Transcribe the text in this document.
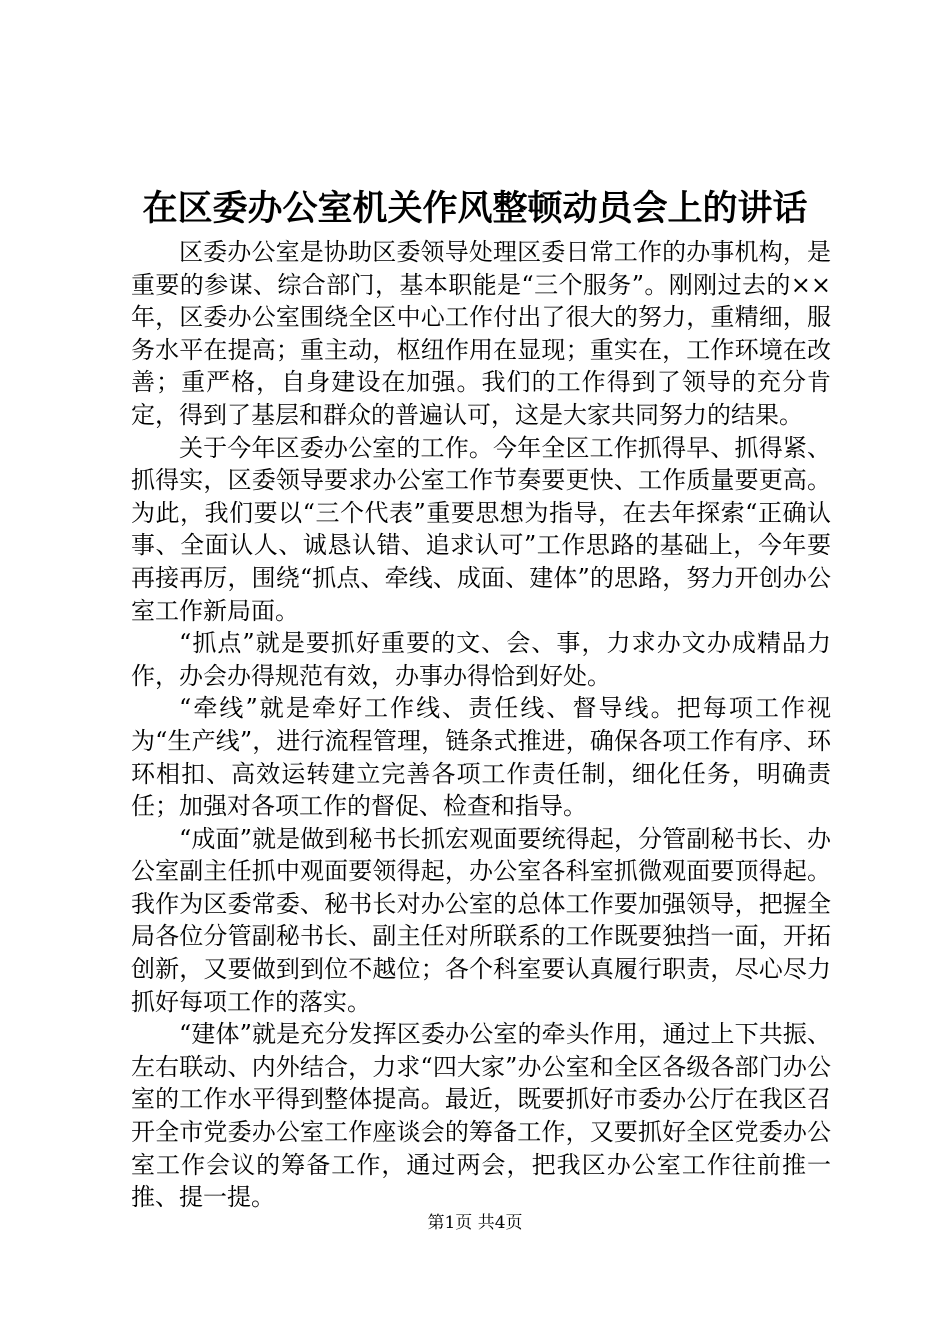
在区委办公室机关作风整顿动员会上的讲话

区委办公室是协助区委领导处理区委日常工作的办事机构，是重要的参谋、综合部门，基本职能是“三个服务”。刚刚过去的××年，区委办公室围绕全区中心工作付出了很大的努力，重精细，服务水平在提高；重主动，枢纽作用在显现；重实在，工作环境在改善；重严格，自身建设在加强。我们的工作得到了领导的充分肯定，得到了基层和群众的普遍认可，这是大家共同努力的结果。

关于今年区委办公室的工作。今年全区工作抓得早、抓得紧、抓得实，区委领导要求办公室工作节奏要更快、工作质量要更高。为此，我们要以“三个代表”重要思想为指导，在去年探索“正确认事、全面认人、诚恳认错、追求认可”工作思路的基础上，今年要再接再厉，围绕“抓点、牵线、成面、建体”的思路，努力开创办公室工作新局面。

“抓点”就是要抓好重要的文、会、事，力求办文办成精品力作，办会办得规范有效，办事办得恰到好处。

“牵线”就是牵好工作线、责任线、督导线。把每项工作视为“生产线”，进行流程管理，链条式推进，确保各项工作有序、环环相扣、高效运转建立完善各项工作责任制，细化任务，明确责任；加强对各项工作的督促、检查和指导。

“成面”就是做到秘书长抓宏观面要统得起，分管副秘书长、办公室副主任抓中观面要领得起，办公室各科室抓微观面要顶得起。我作为区委常委、秘书长对办公室的总体工作要加强领导，把握全局各位分管副秘书长、副主任对所联系的工作既要独挡一面，开拓创新，又要做到到位不越位；各个科室要认真履行职责，尽心尽力抓好每项工作的落实。

“建体”就是充分发挥区委办公室的牵头作用，通过上下共振、左右联动、内外结合，力求“四大家”办公室和全区各级各部门办公室的工作水平得到整体提高。最近，既要抓好市委办公厅在我区召开全市党委办公室工作座谈会的筹备工作，又要抓好全区党委办公室工作会议的筹备工作，通过两会，把我区办公室工作往前推一推、提一提。

第1页 共4页
